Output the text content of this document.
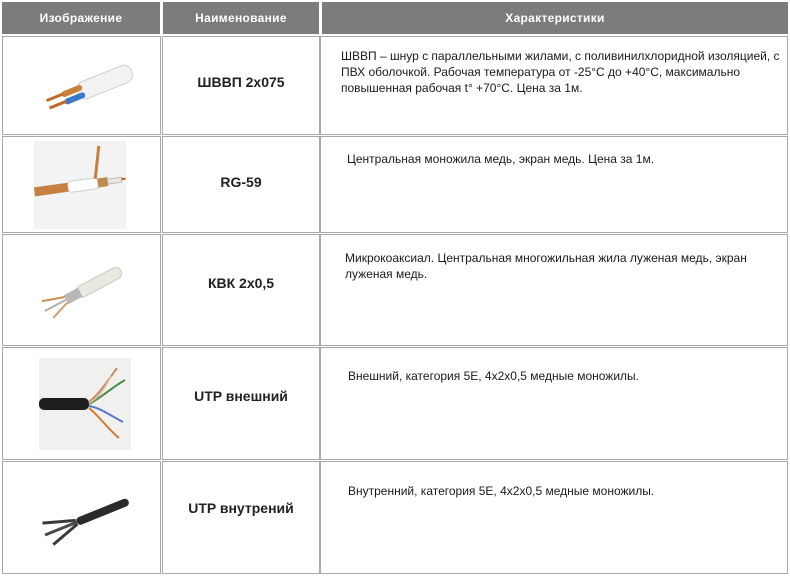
Изображение	Наименование	Характеристики
ШВВП 2х075
ШВВП – шнур с параллельными жилами, с поливинилхлоридной изоляцией, с ПВХ оболочкой. Рабочая температура от -25°С до +40°С, максимально повышенная рабочая t° +70°С. Цена за 1м.
RG-59
Центральная моножила медь, экран медь. Цена за 1м.
КВК 2х0,5
Микрокоаксиал. Центральная многожильная жила луженая медь, экран луженая медь.
UTP внешний
Внешний, категория 5Е, 4х2х0,5 медные моножилы.
UTP внутрений
Внутренний, категория 5Е, 4х2х0,5 медные моножилы.
